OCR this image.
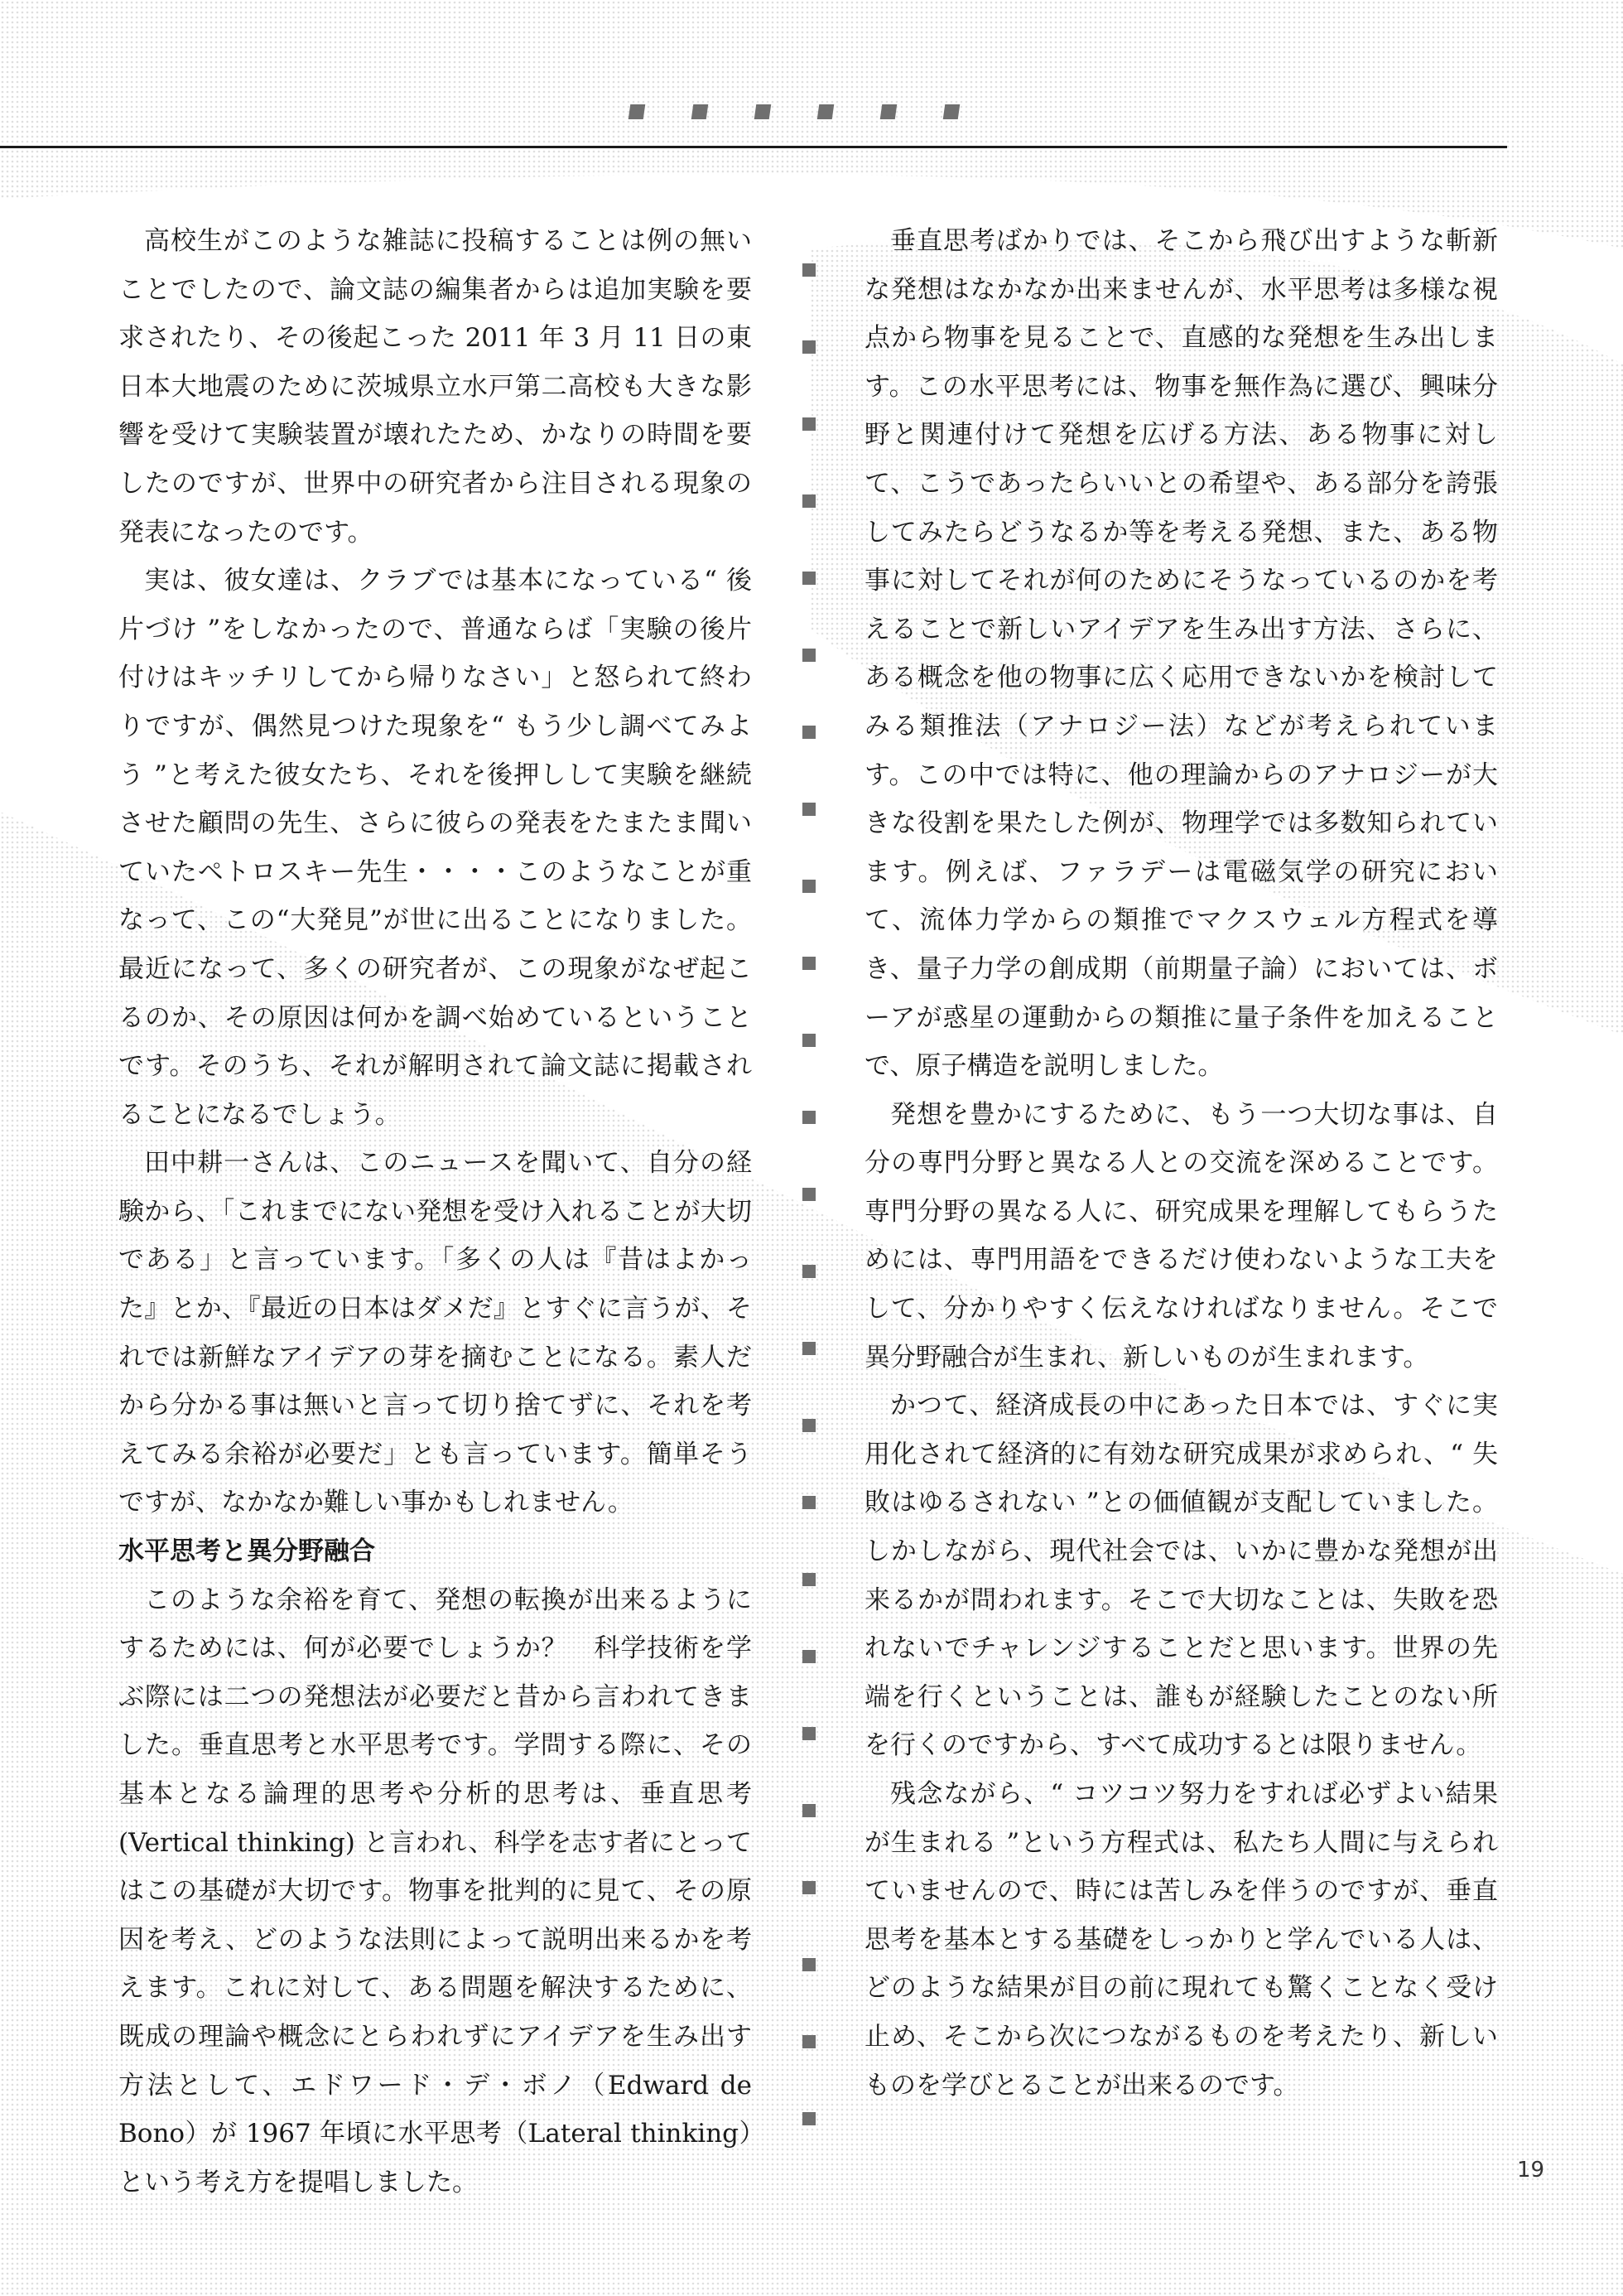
高校生がこのような雑誌に投稿することは例の無いことでしたので、論文誌の編集者からは追加実験を要求されたり、その後起こった 2011 年 3 月 11 日の東日本大地震のために茨城県立水戸第二高校も大きな影響を受けて実験装置が壊れたため、かなりの時間を要したのですが、世界中の研究者から注目される現象の発表になったのです。

実は、彼女達は、クラブでは基本になっている“ 後片づけ ”をしなかったので、普通ならば「実験の後片付けはキッチリしてから帰りなさい」と怒られて終わりですが、偶然見つけた現象を“ もう少し調べてみよう ”と考えた彼女たち、それを後押しして実験を継続させた顧問の先生、さらに彼らの発表をたまたま聞いていたペトロスキー先生・・・・このようなことが重なって、この“大発見”が世に出ることになりました。最近になって、多くの研究者が、この現象がなぜ起こるのか、その原因は何かを調べ始めているということです。そのうち、それが解明されて論文誌に掲載されることになるでしょう。

田中耕一さんは、このニュースを聞いて、自分の経験から、「これまでにない発想を受け入れることが大切である」と言っています。「多くの人は『昔はよかった』とか、『最近の日本はダメだ』とすぐに言うが、それでは新鮮なアイデアの芽を摘むことになる。素人だから分かる事は無いと言って切り捨てずに、それを考えてみる余裕が必要だ」とも言っています。簡単そうですが、なかなか難しい事かもしれません。

水平思考と異分野融合

このような余裕を育て、発想の転換が出来るようにするためには、何が必要でしょうか？　科学技術を学ぶ際には二つの発想法が必要だと昔から言われてきました。垂直思考と水平思考です。学問する際に、その基本となる論理的思考や分析的思考は、垂直思考 (Vertical thinking) と言われ、科学を志す者にとってはこの基礎が大切です。物事を批判的に見て、その原因を考え、どのような法則によって説明出来るかを考えます。これに対して、ある問題を解決するために、既成の理論や概念にとらわれずにアイデアを生み出す方法として、エドワード・デ・ボノ（Edward de Bono）が 1967 年頃に水平思考（Lateral thinking）という考え方を提唱しました。

垂直思考ばかりでは、そこから飛び出すような斬新な発想はなかなか出来ませんが、水平思考は多様な視点から物事を見ることで、直感的な発想を生み出します。この水平思考には、物事を無作為に選び、興味分野と関連付けて発想を広げる方法、ある物事に対して、こうであったらいいとの希望や、ある部分を誇張してみたらどうなるか等を考える発想、また、ある物事に対してそれが何のためにそうなっているのかを考えることで新しいアイデアを生み出す方法、さらに、ある概念を他の物事に広く応用できないかを検討してみる類推法（アナロジー法）などが考えられています。この中では特に、他の理論からのアナロジーが大きな役割を果たした例が、物理学では多数知られています。例えば、ファラデーは電磁気学の研究において、流体力学からの類推でマクスウェル方程式を導き、量子力学の創成期（前期量子論）においては、ボーアが惑星の運動からの類推に量子条件を加えることで、原子構造を説明しました。

発想を豊かにするために、もう一つ大切な事は、自分の専門分野と異なる人との交流を深めることです。専門分野の異なる人に、研究成果を理解してもらうためには、専門用語をできるだけ使わないような工夫をして、分かりやすく伝えなければなりません。そこで異分野融合が生まれ、新しいものが生まれます。

かつて、経済成長の中にあった日本では、すぐに実用化されて経済的に有効な研究成果が求められ、“ 失敗はゆるされない ”との価値観が支配していました。しかしながら、現代社会では、いかに豊かな発想が出来るかが問われます。そこで大切なことは、失敗を恐れないでチャレンジすることだと思います。世界の先端を行くということは、誰もが経験したことのない所を行くのですから、すべて成功するとは限りません。

残念ながら、“ コツコツ努力をすれば必ずよい結果が生まれる ”という方程式は、私たち人間に与えられていませんので、時には苦しみを伴うのですが、垂直思考を基本とする基礎をしっかりと学んでいる人は、どのような結果が目の前に現れても驚くことなく受け止め、そこから次につながるものを考えたり、新しいものを学びとることが出来るのです。

19
